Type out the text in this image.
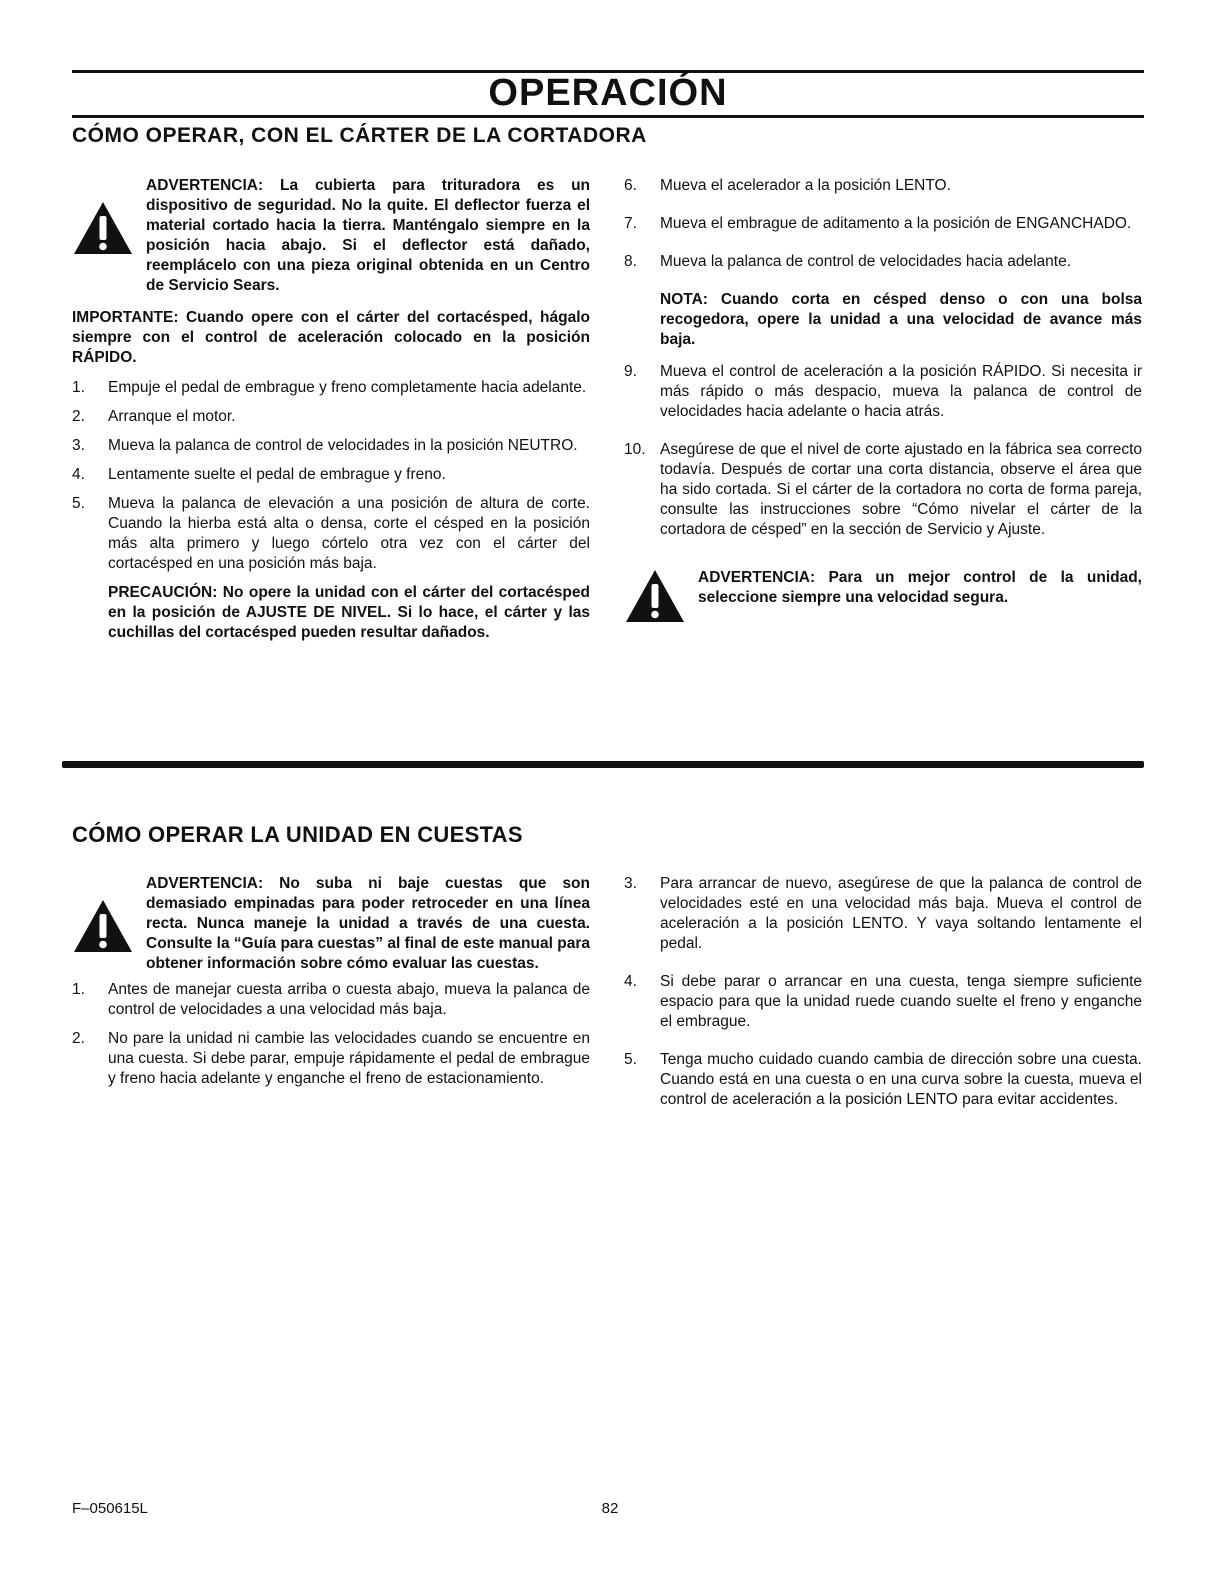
OPERACIÓN
CÓMO OPERAR, CON EL CÁRTER DE LA CORTADORA
ADVERTENCIA: La cubierta para trituradora es un dispositivo de seguridad. No la quite. El deflector fuerza el material cortado hacia la tierra. Manténgalo siempre en la posición hacia abajo. Si el deflector está dañado, reemplácelo con una pieza original obtenida en un Centro de Servicio Sears.
IMPORTANTE: Cuando opere con el cárter del cortacésped, hágalo siempre con el control de aceleración colocado en la posición RÁPIDO.
1.	Empuje el pedal de embrague y freno completamente hacia adelante.
2.	Arranque el motor.
3.	Mueva la palanca de control de velocidades in la posición NEUTRO.
4.	Lentamente suelte el pedal de embrague y freno.
5.	Mueva la palanca de elevación a una posición de altura de corte. Cuando la hierba está alta o densa, corte el césped en la posición más alta primero y luego córtelo otra vez con el cárter del cortacésped en una posición más baja.
PRECAUCIÓN: No opere la unidad con el cárter del cortacésped en la posición de AJUSTE DE NIVEL. Si lo hace, el cárter y las cuchillas del cortacésped pueden resultar dañados.
6.	Mueva el acelerador a la posición LENTO.
7.	Mueva el embrague de aditamento a la posición de ENGANCHADO.
8.	Mueva la palanca de control de velocidades hacia adelante.
NOTA: Cuando corta en césped denso o con una bolsa recogedora, opere la unidad a una velocidad de avance más baja.
9.	Mueva el control de aceleración a la posición RÁPIDO. Si necesita ir más rápido o más despacio, mueva la palanca de control de velocidades hacia adelante o hacia atrás.
10. Asegúrese de que el nivel de corte ajustado en la fábrica sea correcto todavía. Después de cortar una corta distancia, observe el área que ha sido cortada. Si el cárter de la cortadora no corta de forma pareja, consulte las instrucciones sobre “Cómo nivelar el cárter de la cortadora de césped” en la sección de Servicio y Ajuste.
ADVERTENCIA: Para un mejor control de la unidad, seleccione siempre una velocidad segura.
CÓMO OPERAR LA UNIDAD EN CUESTAS
ADVERTENCIA: No suba ni baje cuestas que son demasiado empinadas para poder retroceder en una línea recta. Nunca maneje la unidad a través de una cuesta. Consulte la “Guía para cuestas” al final de este manual para obtener información sobre cómo evaluar las cuestas.
1.	Antes de manejar cuesta arriba o cuesta abajo, mueva la palanca de control de velocidades a una velocidad más baja.
2.	No pare la unidad ni cambie las velocidades cuando se encuentre en una cuesta. Si debe parar, empuje rápidamente el pedal de embrague y freno hacia adelante y enganche el freno de estacionamiento.
3.	Para arrancar de nuevo, asegúrese de que la palanca de control de velocidades esté en una velocidad más baja. Mueva el control de aceleración a la posición LENTO. Y vaya soltando lentamente el pedal.
4.	Si debe parar o arrancar en una cuesta, tenga siempre suficiente espacio para que la unidad ruede cuando suelte el freno y enganche el embrague.
5.	Tenga mucho cuidado cuando cambia de dirección sobre una cuesta. Cuando está en una cuesta o en una curva sobre la cuesta, mueva el control de aceleración a la posición LENTO para evitar accidentes.
F–050615L	82
